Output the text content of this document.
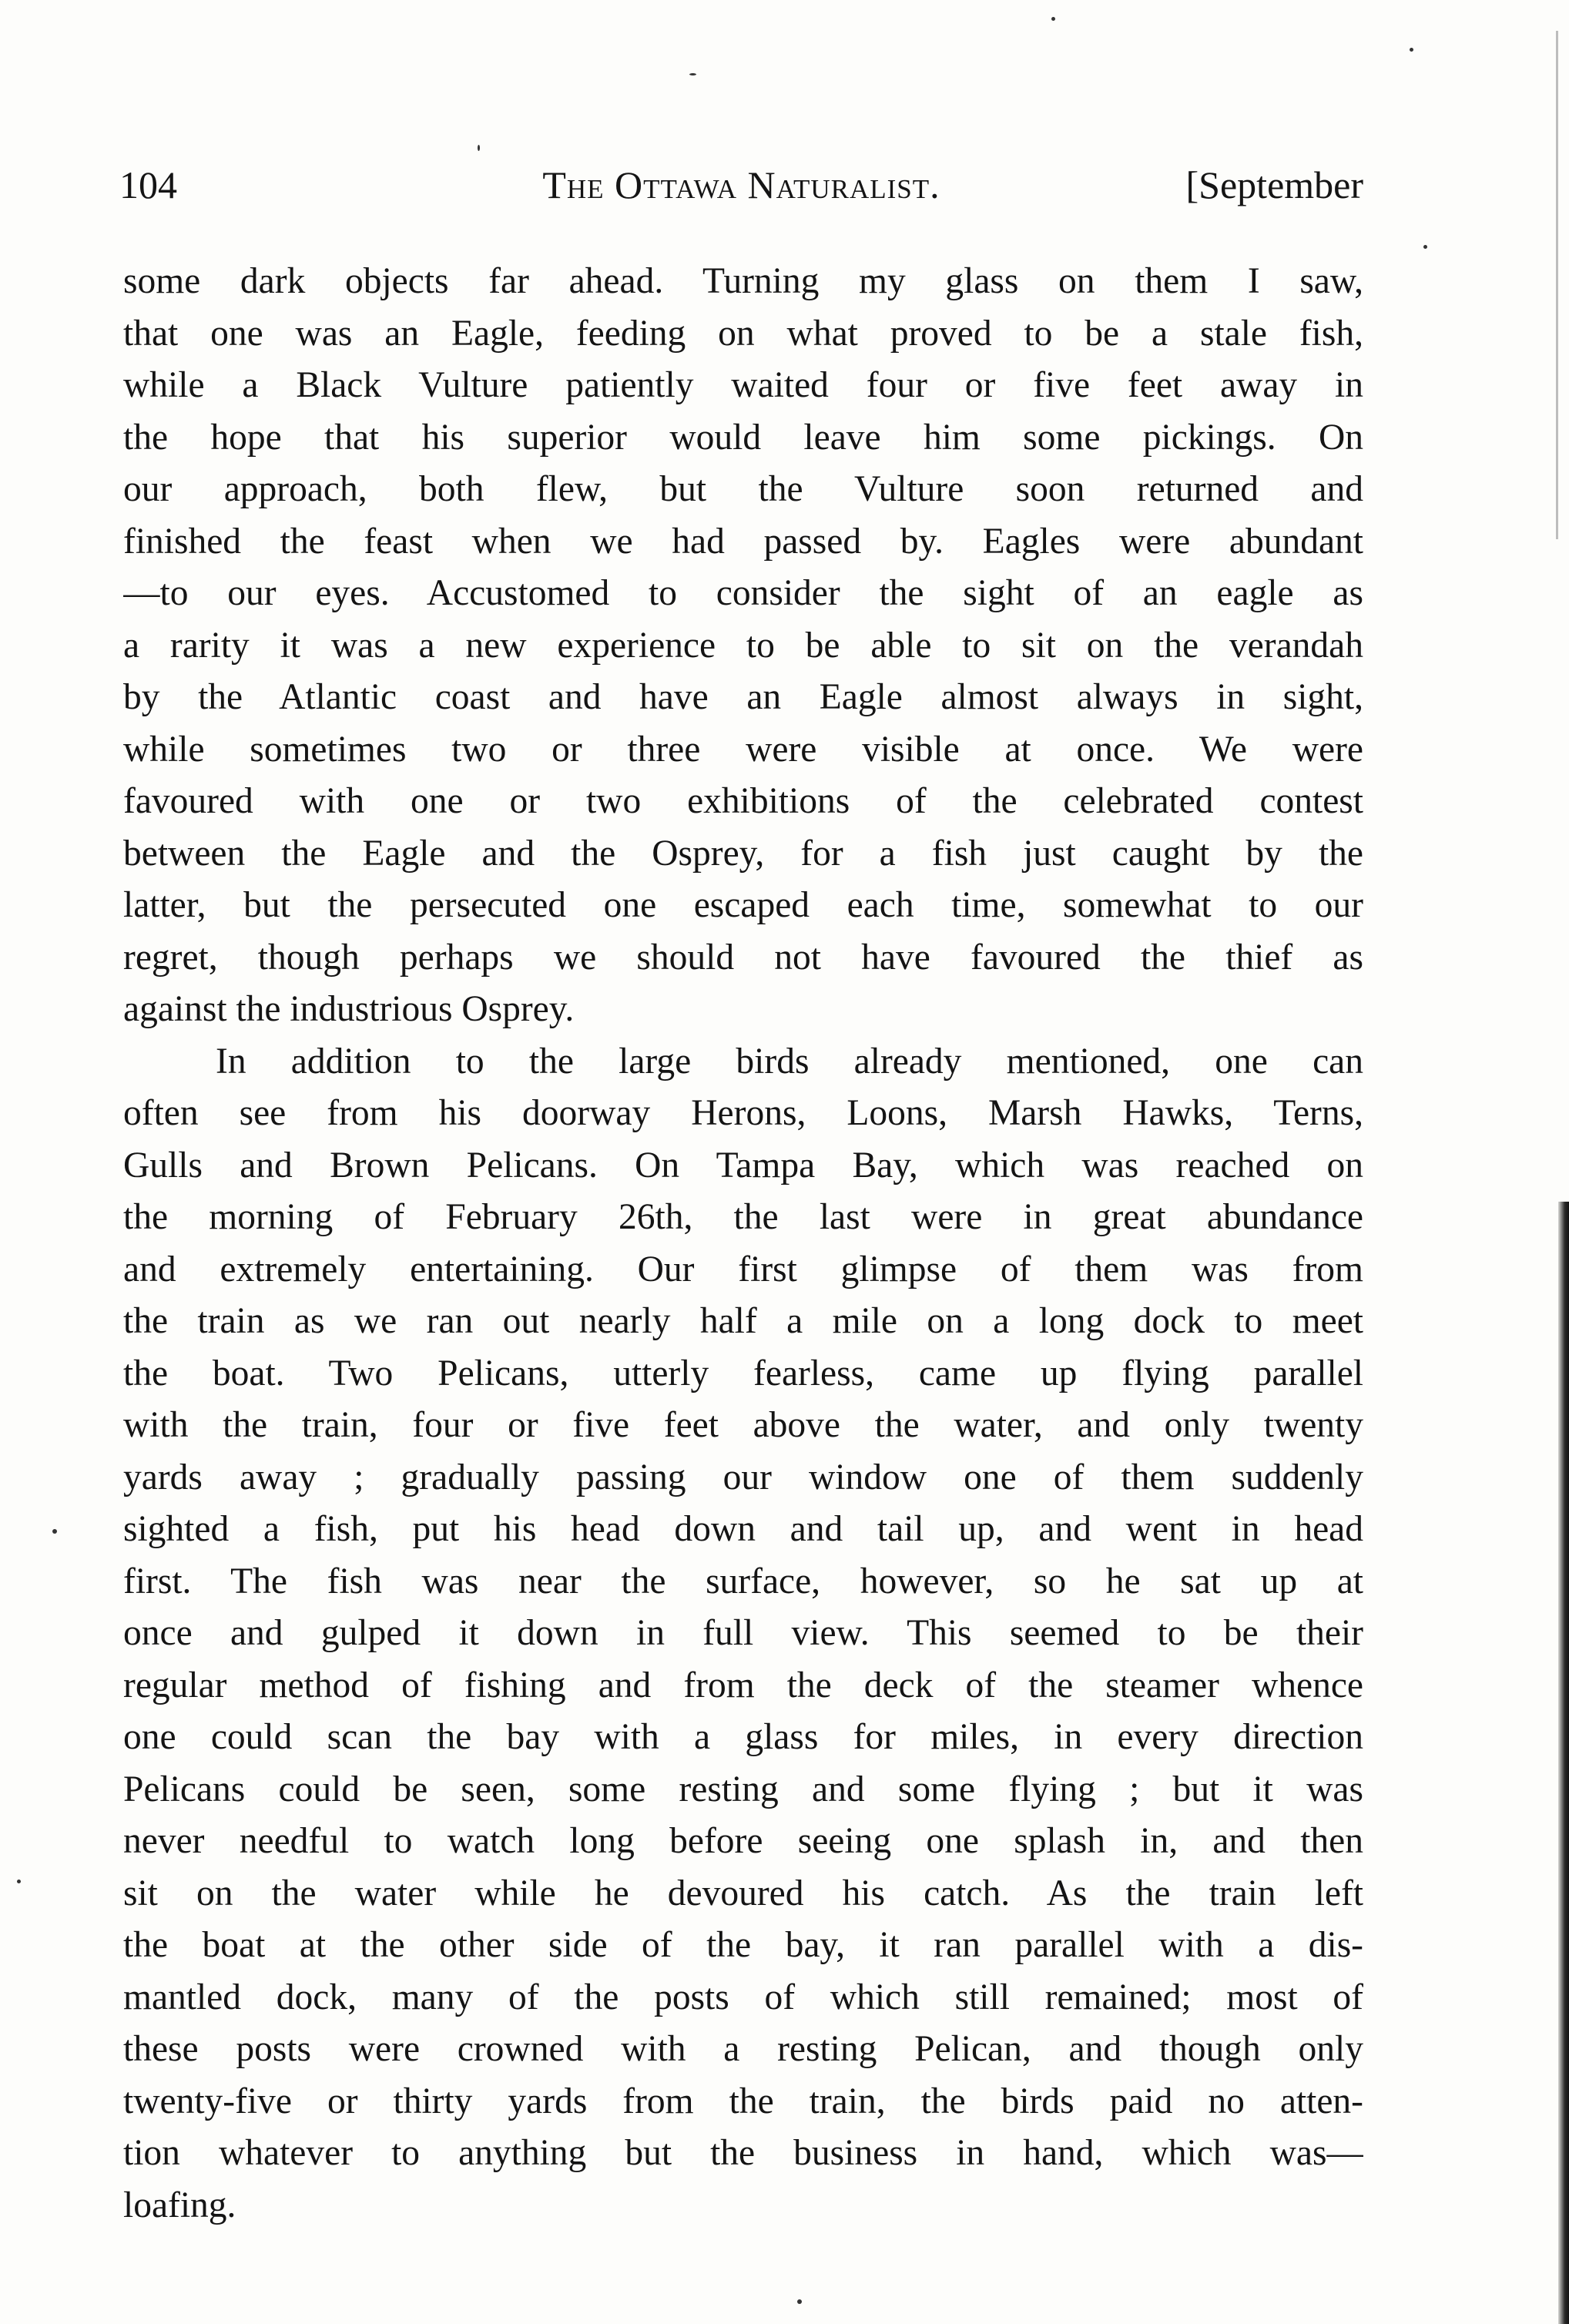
104	The Ottawa Naturalist.	[September
some dark objects far ahead. Turning my glass on them I saw,
that one was an Eagle, feeding on what proved to be a stale fish,
while a Black Vulture patiently waited four or five feet away in
the hope that his superior would leave him some pickings. On
our approach, both flew, but the Vulture soon returned and
finished the feast when we had passed by. Eagles were abundant
—to our eyes. Accustomed to consider the sight of an eagle as
a rarity it was a new experience to be able to sit on the verandah
by the Atlantic coast and have an Eagle almost always in sight,
while sometimes two or three were visible at once. We were
favoured with one or two exhibitions of the celebrated contest
between the Eagle and the Osprey, for a fish just caught by the
latter, but the persecuted one escaped each time, somewhat to our
regret, though perhaps we should not have favoured the thief as
against the industrious Osprey.
In addition to the large birds already mentioned, one can
often see from his doorway Herons, Loons, Marsh Hawks, Terns,
Gulls and Brown Pelicans. On Tampa Bay, which was reached on
the morning of February 26th, the last were in great abundance
and extremely entertaining. Our first glimpse of them was from
the train as we ran out nearly half a mile on a long dock to meet
the boat. Two Pelicans, utterly fearless, came up flying parallel
with the train, four or five feet above the water, and only twenty
yards away ; gradually passing our window one of them suddenly
sighted a fish, put his head down and tail up, and went in head
first. The fish was near the surface, however, so he sat up at
once and gulped it down in full view. This seemed to be their
regular method of fishing and from the deck of the steamer whence
one could scan the bay with a glass for miles, in every direction
Pelicans could be seen, some resting and some flying ; but it was
never needful to watch long before seeing one splash in, and then
sit on the water while he devoured his catch. As the train left
the boat at the other side of the bay, it ran parallel with a dis-
mantled dock, many of the posts of which still remained; most of
these posts were crowned with a resting Pelican, and though only
twenty-five or thirty yards from the train, the birds paid no atten-
tion whatever to anything but the business in hand, which was—
loafing.
